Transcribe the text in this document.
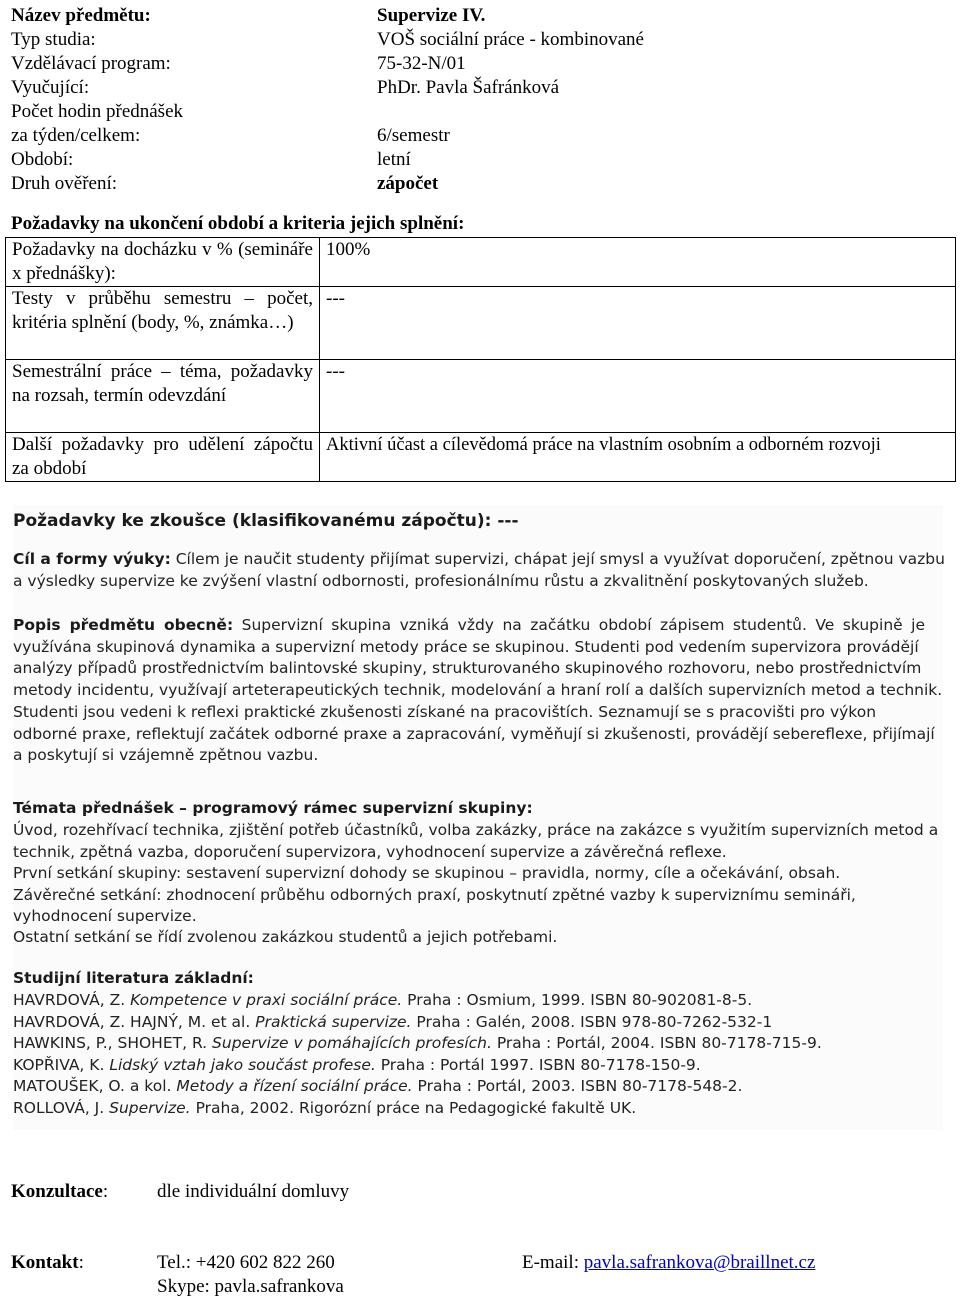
Název předmětu:	Supervize IV.
Typ studia:	VOŠ sociální práce - kombinované
Vzdělávací program:	75-32-N/01
Vyučující:	PhDr. Pavla Šafránková
Počet hodin přednášek
za týden/celkem:	6/semestr
Období:	letní
Druh ověření:	zápočet
Požadavky na ukončení období a kriteria jejich splnění:
Požadavky na docházku v % (semináře x přednášky):	100%
Testy v průběhu semestru – počet, kritéria splnění (body, %, známka…)	---
Semestrální práce – téma, požadavky na rozsah, termín odevzdání	---
Další požadavky pro udělení zápočtu za období	Aktivní účast a cílevědomá práce na vlastním osobním a odborném rozvoji
Požadavky ke zkoušce (klasifikovanému zápočtu): ---
Cíl a formy výuky: Cílem je naučit studenty přijímat supervizi, chápat její smysl a využívat doporučení, zpětnou vazbu
a výsledky supervize ke zvýšení vlastní odbornosti, profesionálnímu růstu a zkvalitnění poskytovaných služeb.
Popis předmětu obecně: Supervizní skupina vzniká vždy na začátku období zápisem studentů. Ve skupině je
využívána skupinová dynamika a supervizní metody práce se skupinou. Studenti pod vedením supervizora provádějí
analýzy případů prostřednictvím balintovské skupiny, strukturovaného skupinového rozhovoru, nebo prostřednictvím
metody incidentu, využívají arteterapeutických technik, modelování a hraní rolí a dalších supervizních metod a technik.
Studenti jsou vedeni k reflexi praktické zkušenosti získané na pracovištích. Seznamují se s pracovišti pro výkon
odborné praxe, reflektují začátek odborné praxe a zapracování, vyměňují si zkušenosti, provádějí sebereflexe, přijímají
a poskytují si vzájemně zpětnou vazbu.
Témata přednášek – programový rámec supervizní skupiny:
Úvod, rozehřívací technika, zjištění potřeb účastníků, volba zakázky, práce na zakázce s využitím supervizních metod a
technik, zpětná vazba, doporučení supervizora, vyhodnocení supervize a závěrečná reflexe.
První setkání skupiny: sestavení supervizní dohody se skupinou – pravidla, normy, cíle a očekávání, obsah.
Závěrečné setkání: zhodnocení průběhu odborných praxí, poskytnutí zpětné vazby k superviznímu semináři,
vyhodnocení supervize.
Ostatní setkání se řídí zvolenou zakázkou studentů a jejich potřebami.
Studijní literatura základní:
HAVRDOVÁ, Z. Kompetence v praxi sociální práce. Praha : Osmium, 1999. ISBN 80-902081-8-5.
HAVRDOVÁ, Z. HAJNÝ, M. et al. Praktická supervize. Praha : Galén, 2008. ISBN 978-80-7262-532-1
HAWKINS, P., SHOHET, R. Supervize v pomáhajících profesích. Praha : Portál, 2004. ISBN 80-7178-715-9.
KOPŘIVA, K. Lidský vztah jako součást profese. Praha : Portál 1997. ISBN 80-7178-150-9.
MATOUŠEK, O. a kol. Metody a řízení sociální práce. Praha : Portál, 2003. ISBN 80-7178-548-2.
ROLLOVÁ, J. Supervize. Praha, 2002. Rigorózní práce na Pedagogické fakultě UK.
Konzultace:	dle individuální domluvy
Kontakt:	Tel.: +420 602 822 260
Skype: pavla.safrankova
E-mail: pavla.safrankova@braillnet.cz
